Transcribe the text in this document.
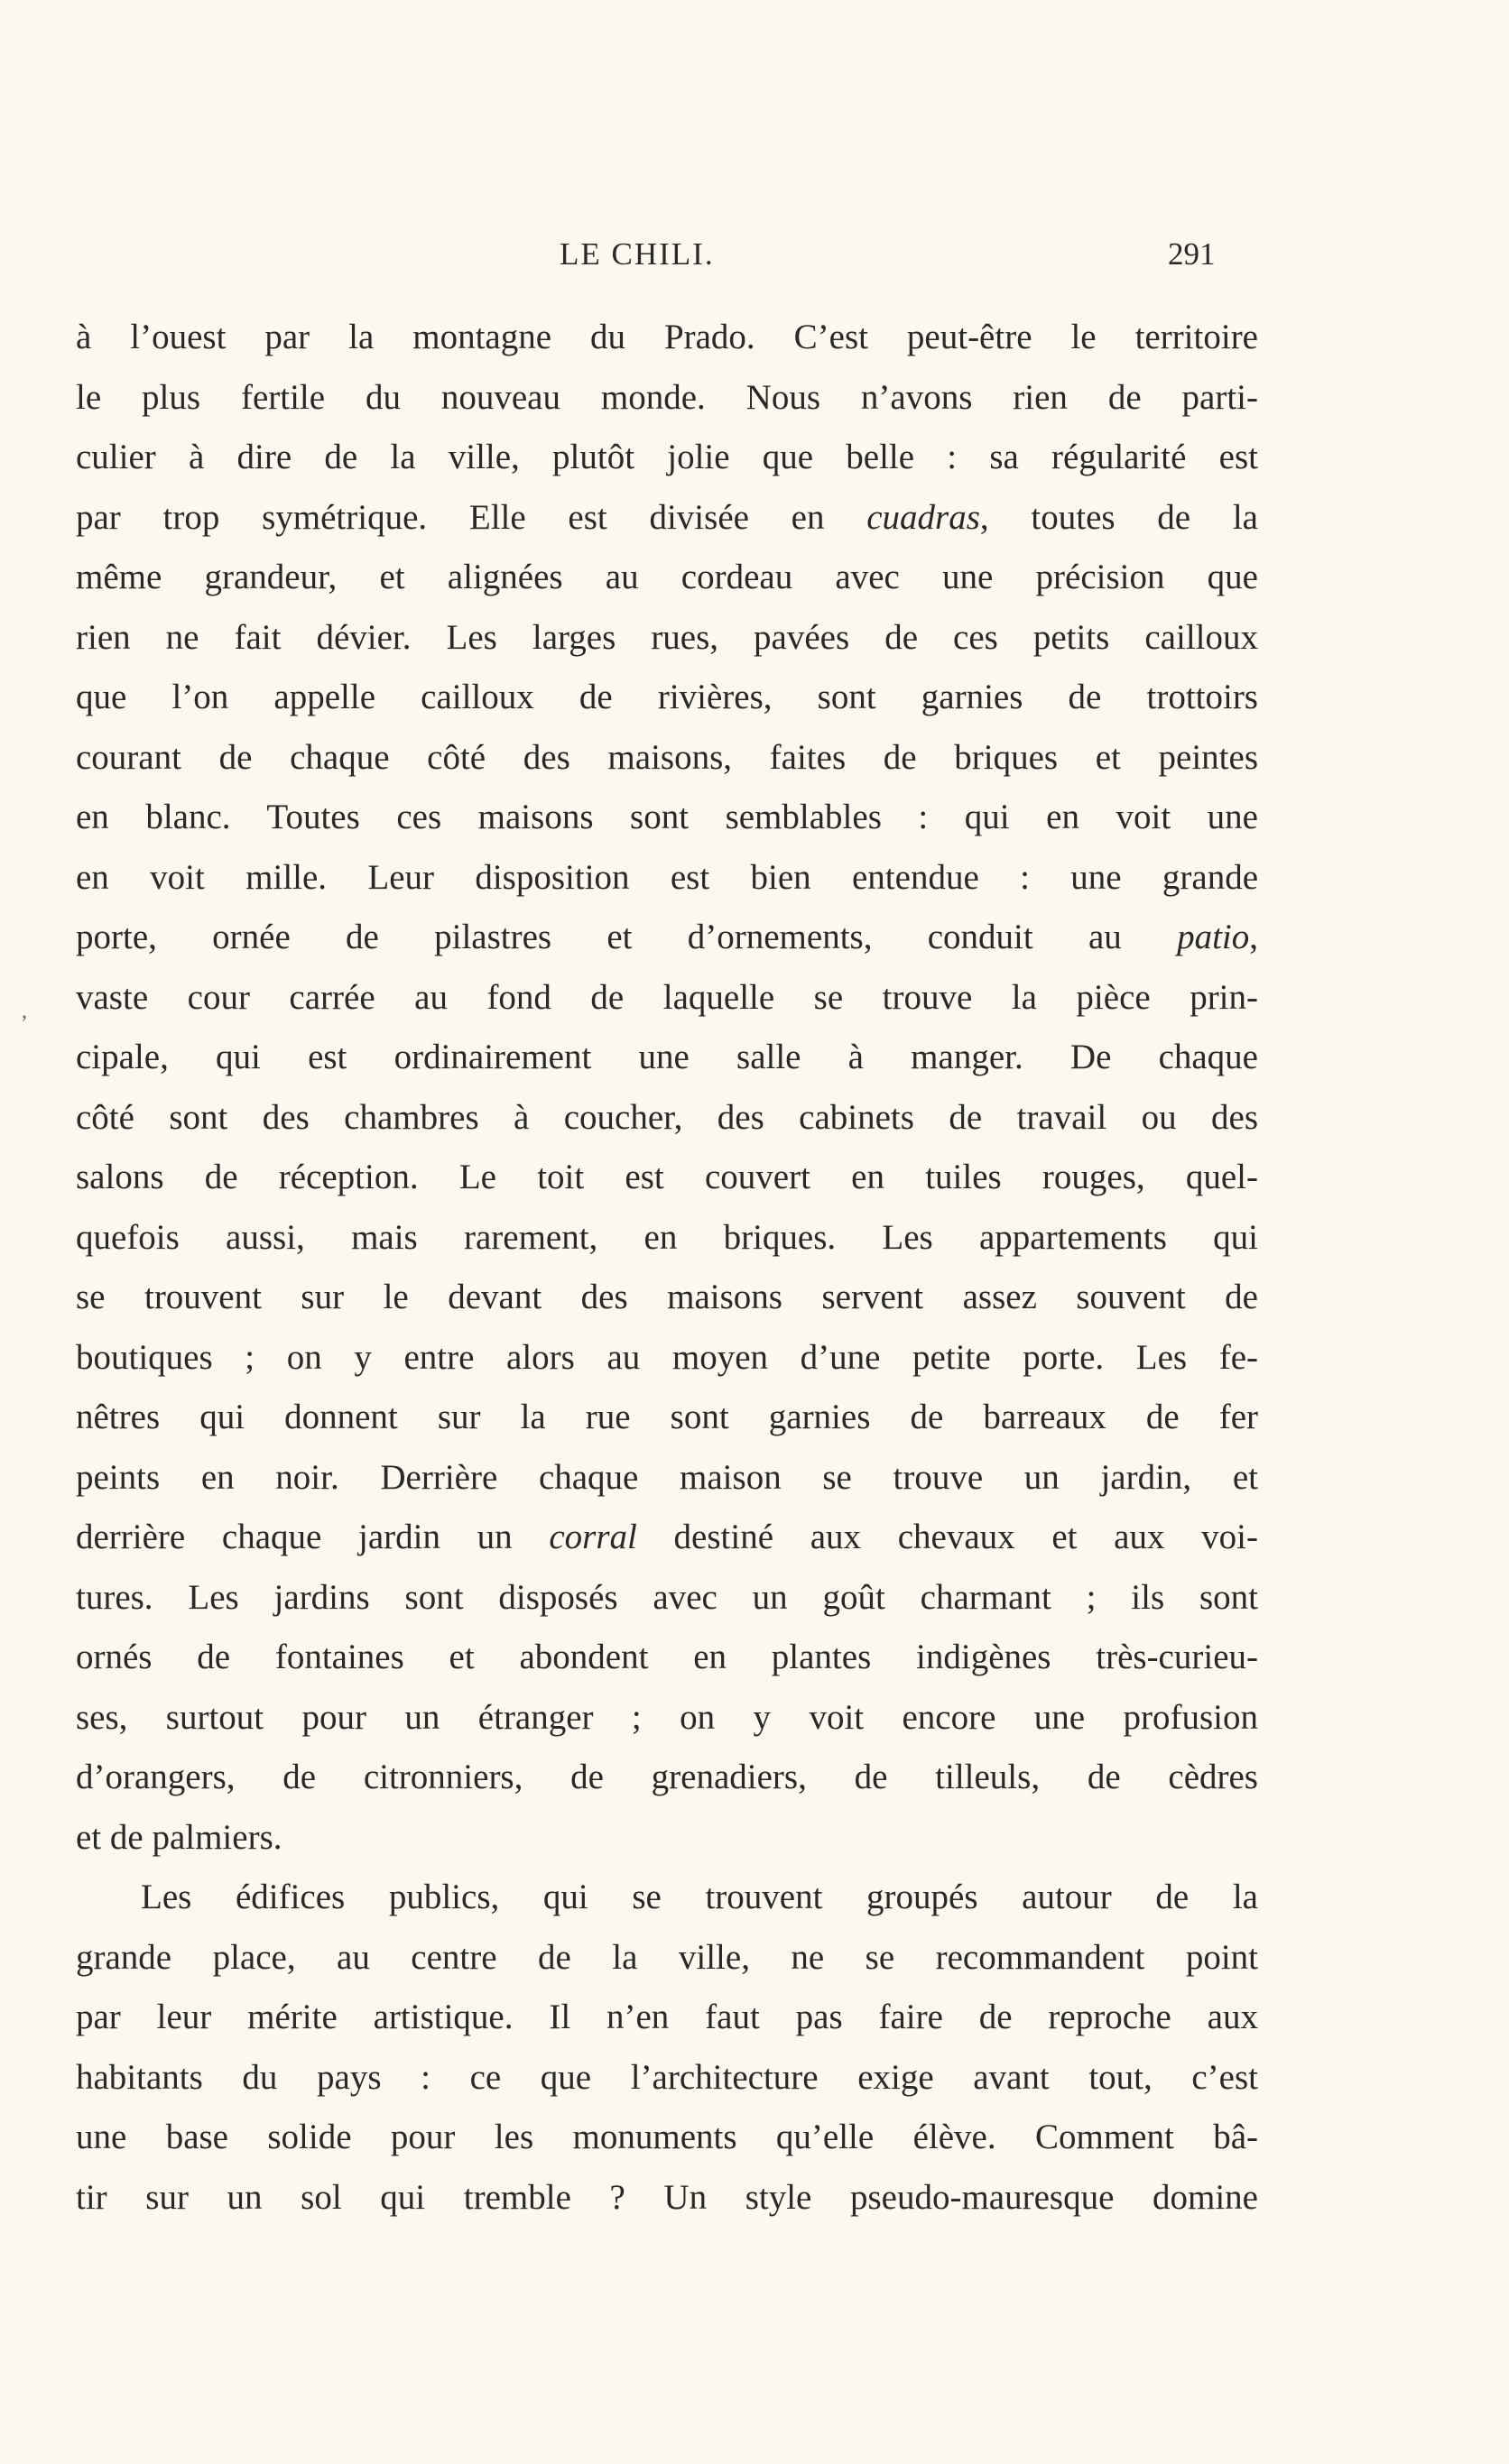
LE CHILI.	291
,
à l’ouest par la montagne du Prado. C’est peut-être le territoire
le plus fertile du nouveau monde. Nous n’avons rien de parti-
culier à dire de la ville, plutôt jolie que belle : sa régularité est
par trop symétrique. Elle est divisée en cuadras, toutes de la
même grandeur, et alignées au cordeau avec une précision que
rien ne fait dévier. Les larges rues, pavées de ces petits cailloux
que l’on appelle cailloux de rivières, sont garnies de trottoirs
courant de chaque côté des maisons, faites de briques et peintes
en blanc. Toutes ces maisons sont semblables : qui en voit une
en voit mille. Leur disposition est bien entendue : une grande
porte, ornée de pilastres et d’ornements, conduit au patio,
vaste cour carrée au fond de laquelle se trouve la pièce prin-
cipale, qui est ordinairement une salle à manger. De chaque
côté sont des chambres à coucher, des cabinets de travail ou des
salons de réception. Le toit est couvert en tuiles rouges, quel-
quefois aussi, mais rarement, en briques. Les appartements qui
se trouvent sur le devant des maisons servent assez souvent de
boutiques ; on y entre alors au moyen d’une petite porte. Les fe-
nêtres qui donnent sur la rue sont garnies de barreaux de fer
peints en noir. Derrière chaque maison se trouve un jardin, et
derrière chaque jardin un corral destiné aux chevaux et aux voi-
tures. Les jardins sont disposés avec un goût charmant ; ils sont
ornés de fontaines et abondent en plantes indigènes très-curieu-
ses, surtout pour un étranger ; on y voit encore une profusion
d’orangers, de citronniers, de grenadiers, de tilleuls, de cèdres
et de palmiers.
Les édifices publics, qui se trouvent groupés autour de la
grande place, au centre de la ville, ne se recommandent point
par leur mérite artistique. Il n’en faut pas faire de reproche aux
habitants du pays : ce que l’architecture exige avant tout, c’est
une base solide pour les monuments qu’elle élève. Comment bâ-
tir sur un sol qui tremble ? Un style pseudo-mauresque domine
